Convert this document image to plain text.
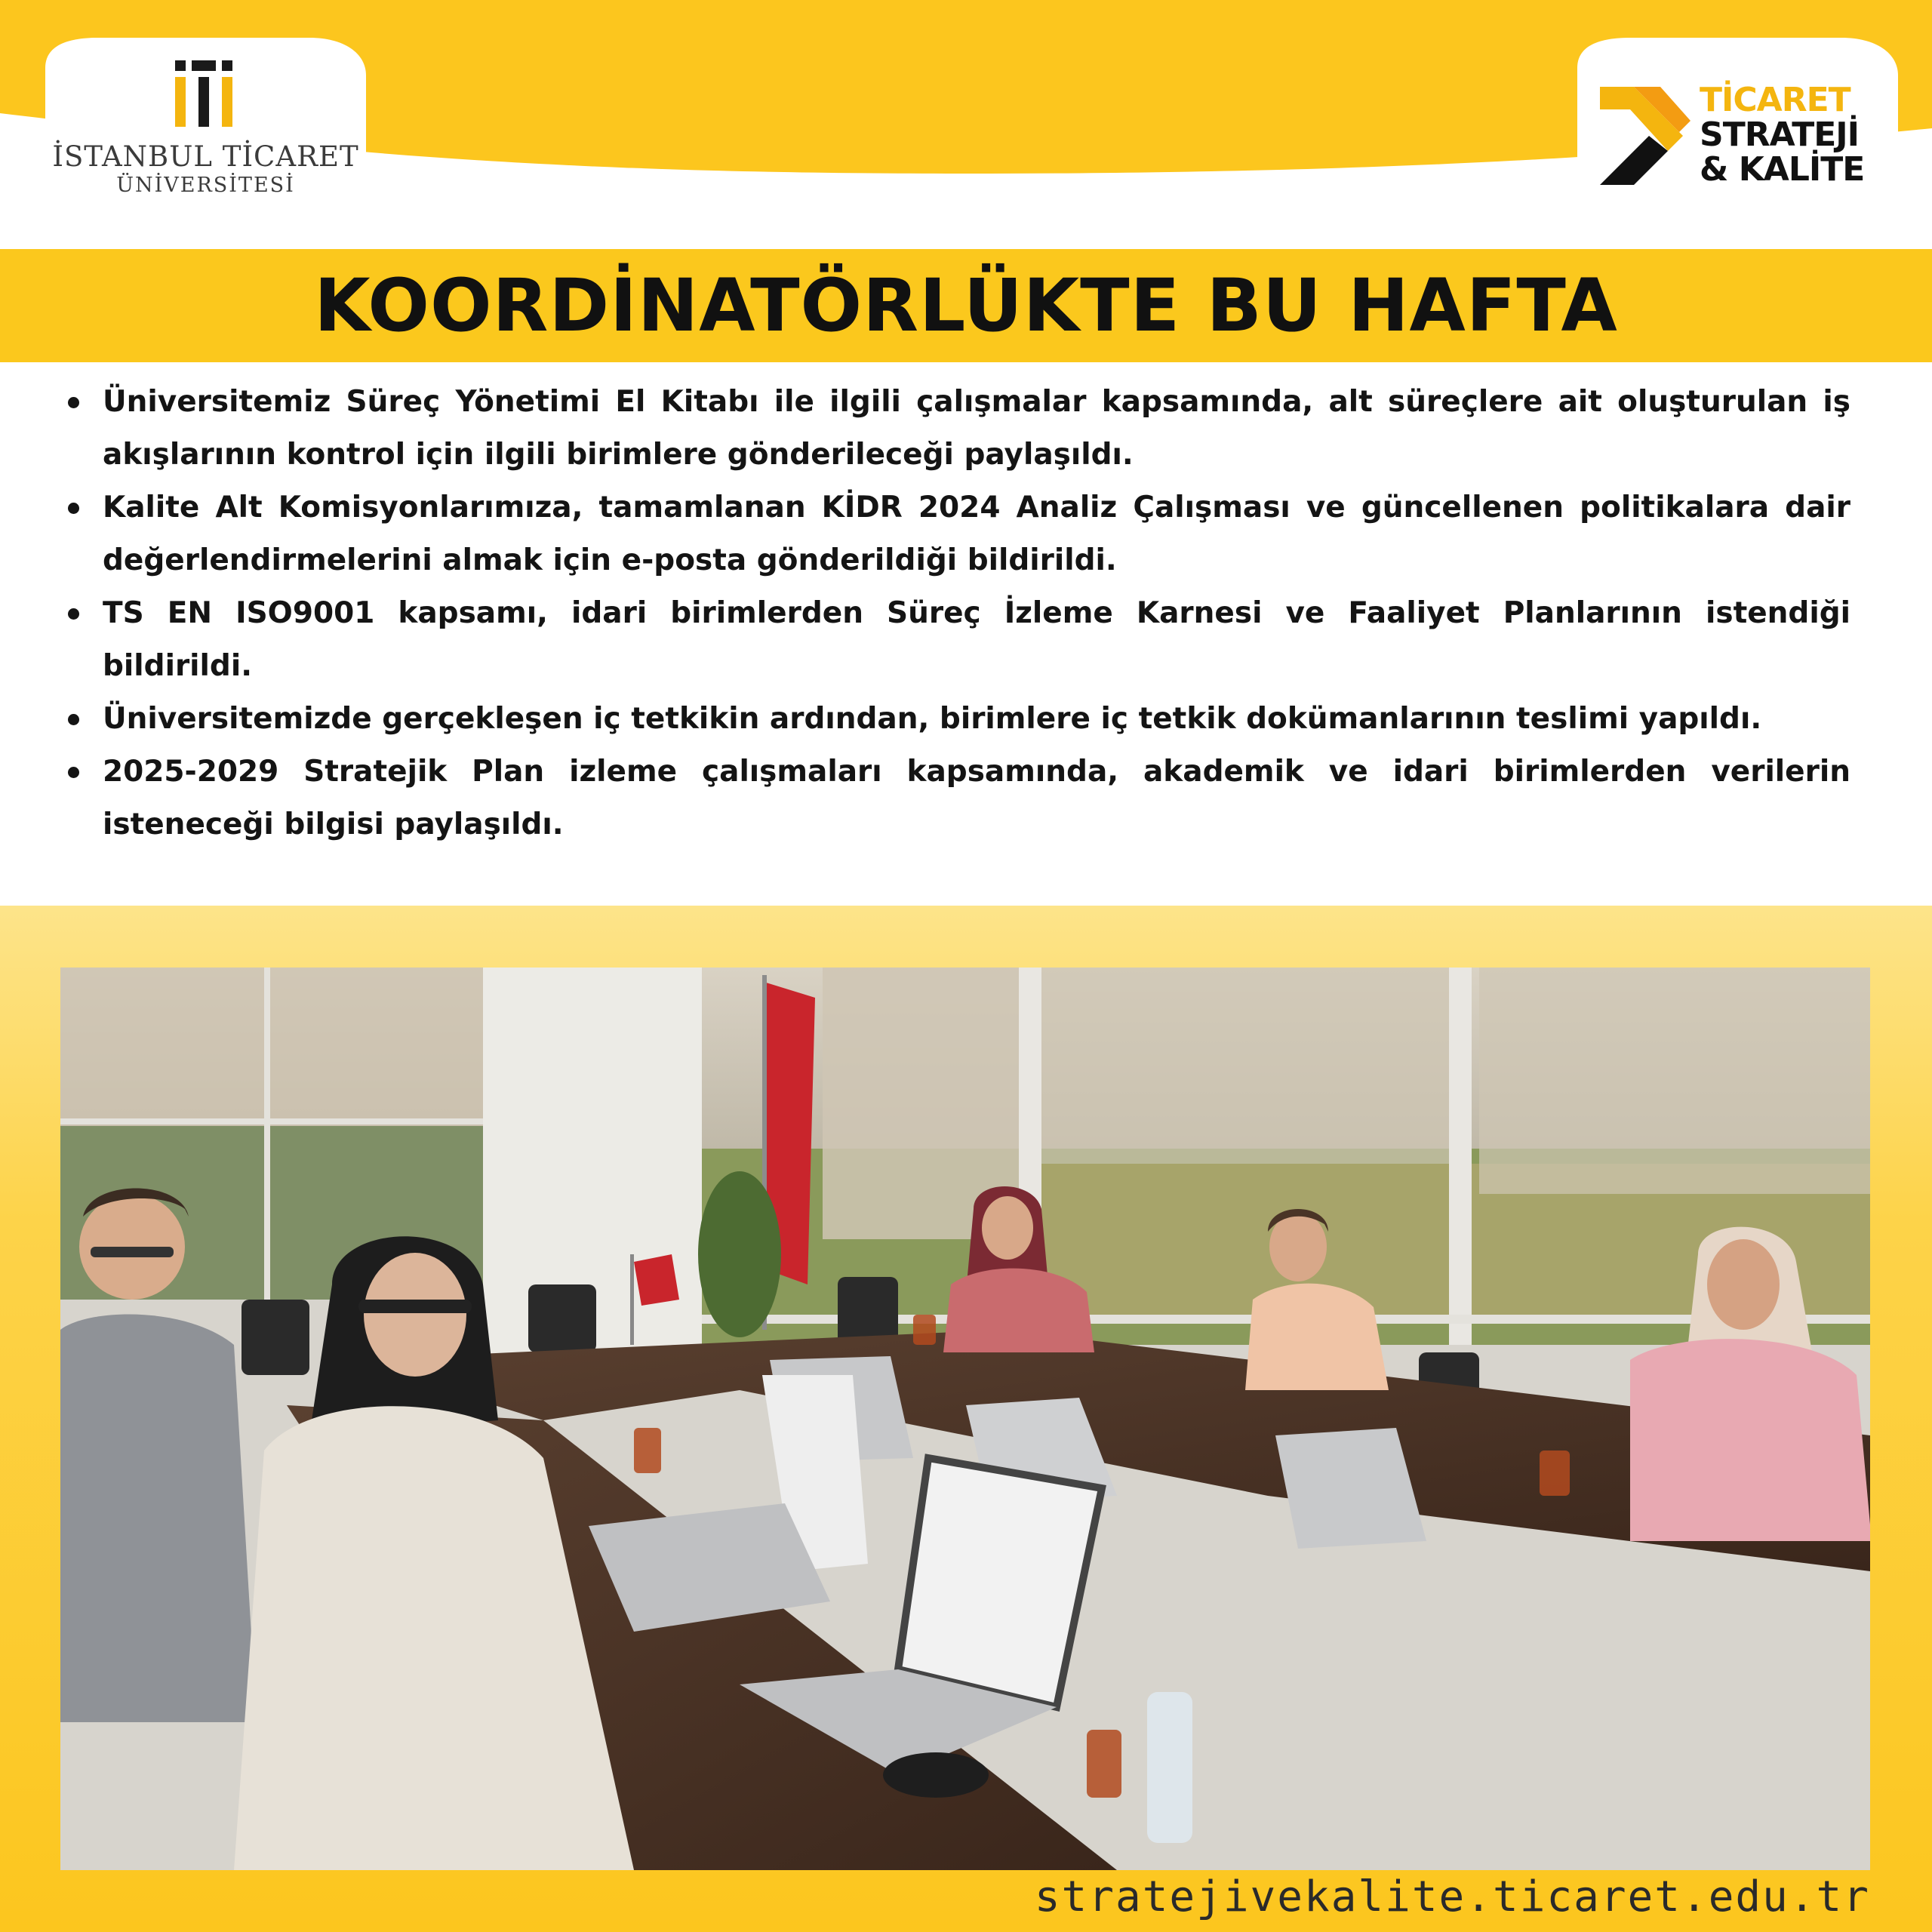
İSTANBUL TİCARET
ÜNİVERSİTESİ
TİCARET
STRATEJİ
& KALİTE
KOORDİNATÖRLÜKTE BU HAFTA
Üniversitemiz Süreç Yönetimi El Kitabı ile ilgili çalışmalar kapsamında, alt süreçlere ait oluşturulan iş akışlarının kontrol için ilgili birimlere gönderileceği paylaşıldı.
Kalite Alt Komisyonlarımıza, tamamlanan KİDR 2024 Analiz Çalışması ve güncellenen politikalara dair değerlendirmelerini almak için e-posta gönderildiği bildirildi.
TS EN ISO9001 kapsamı, idari birimlerden Süreç İzleme Karnesi ve Faaliyet Planlarının istendiği bildirildi.
Üniversitemizde gerçekleşen iç tetkikin ardından, birimlere iç tetkik dokümanlarının teslimi yapıldı.
2025-2029 Stratejik Plan izleme çalışmaları kapsamında, akademik ve idari birimlerden verilerin isteneceği bilgisi paylaşıldı.
stratejivekalite.ticaret.edu.tr
